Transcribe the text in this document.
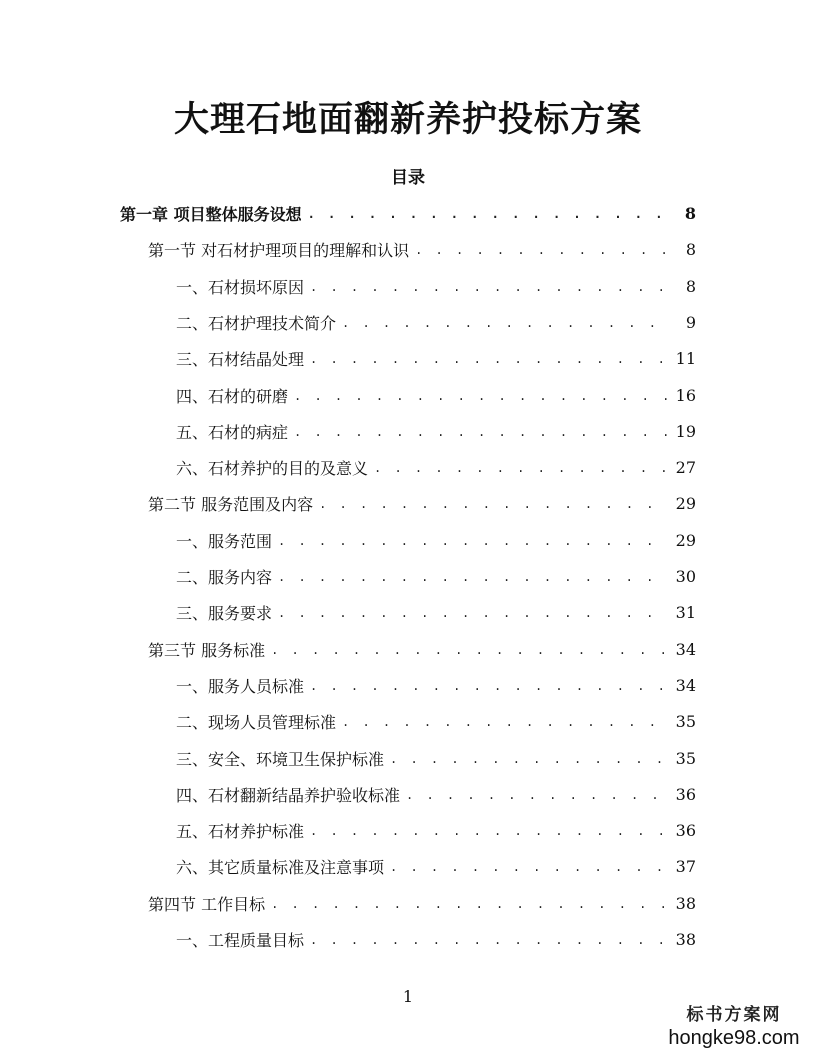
大理石地面翻新养护投标方案
目录
第一章 项目整体服务设想 . . .	8
第一节 对石材护理项目的理解和认识 . . .	8
一、石材损坏原因 . . .	8
二、石材护理技术简介 . . .	9
三、石材结晶处理 . . .	11
四、石材的研磨 . . .	16
五、石材的病症 . . .	19
六、石材养护的目的及意义 . . .	27
第二节 服务范围及内容 . . .	29
一、服务范围 . . .	29
二、服务内容 . . .	30
三、服务要求 . . .	31
第三节 服务标准 . . .	34
一、服务人员标准 . . .	34
二、现场人员管理标准 . . .	35
三、安全、环境卫生保护标准 . . .	35
四、石材翻新结晶养护验收标准 . . .	36
五、石材养护标准 . . .	36
六、其它质量标准及注意事项 . . .	37
第四节 工作目标 . . .	38
一、工程质量目标 . . .	38
1
标书方案网
hongke98.com
